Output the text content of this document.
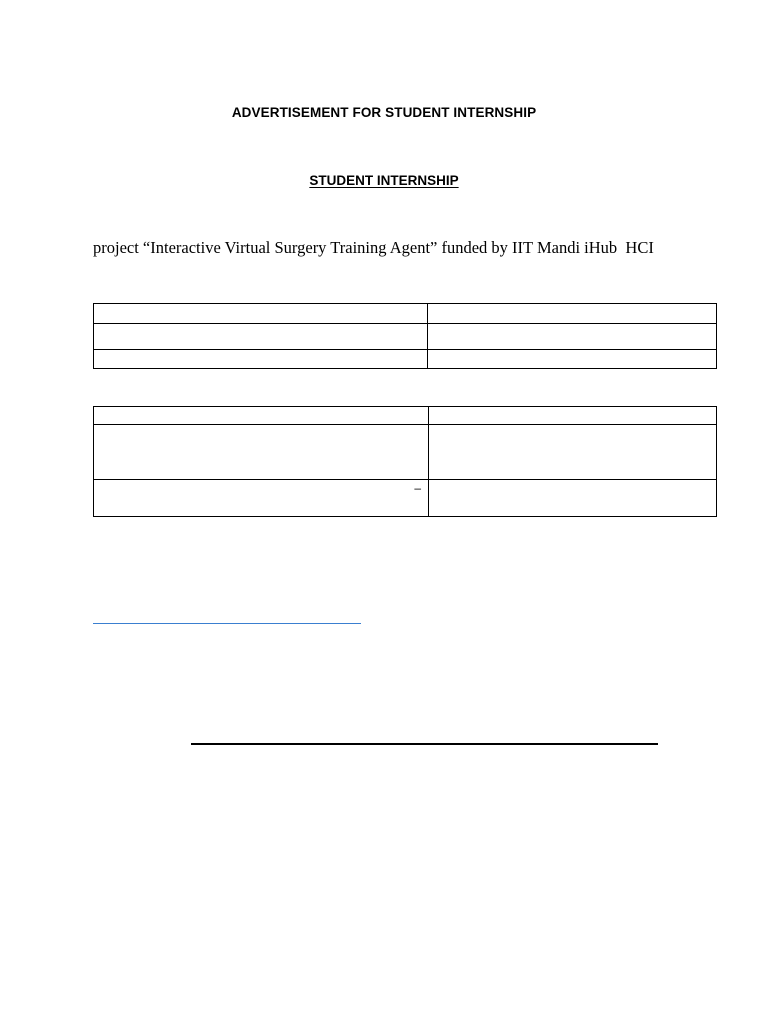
ADVERTISEMENT FOR STUDENT INTERNSHIP
STUDENT INTERNSHIP
project “Interactive Virtual Surgery Training Agent” funded by IIT Mandi iHub  HCI

–	
